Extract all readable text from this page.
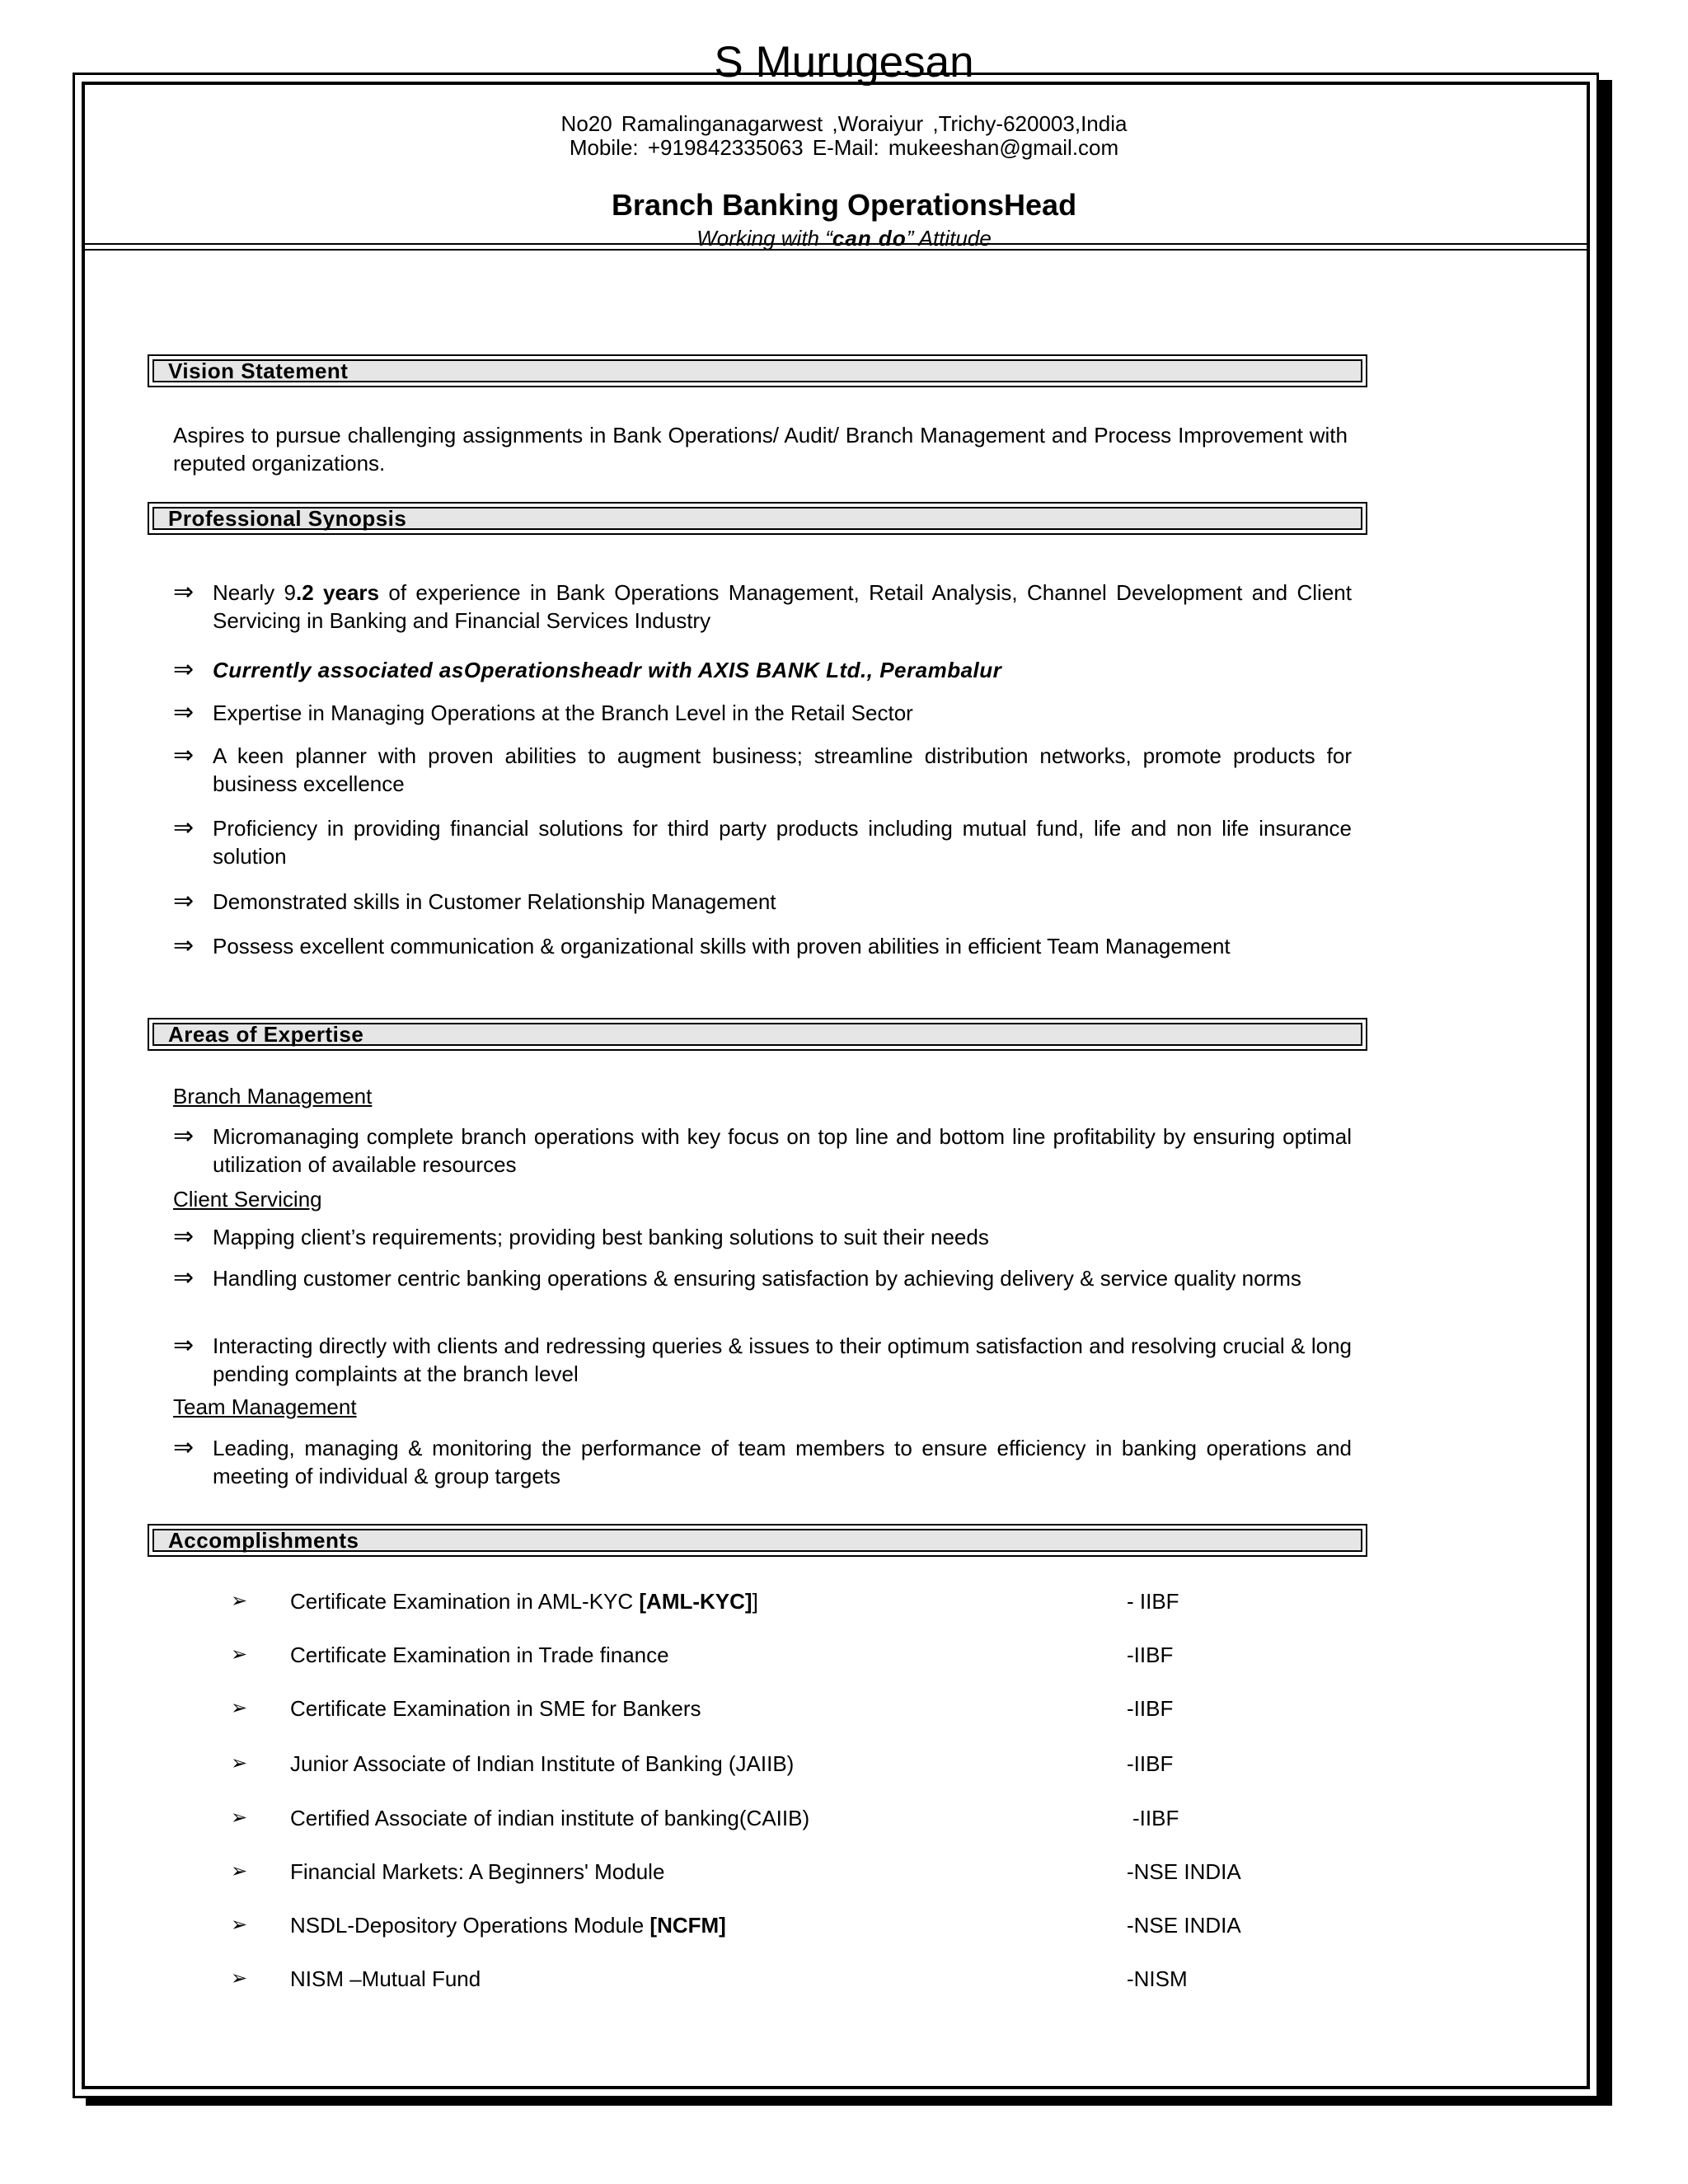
S Murugesan
No20 Ramalinganagarwest ,Woraiyur ,Trichy-620003,India
Mobile: +919842335063 E-Mail: mukeeshan@gmail.com
Branch Banking OperationsHead
Working with “can do” Attitude
Vision Statement
Aspires to pursue challenging assignments in Bank Operations/ Audit/ Branch Management and Process Improvement with reputed organizations.
Professional Synopsis
⇒ Nearly 9.2 years of experience in Bank Operations Management, Retail Analysis, Channel Development and Client Servicing in Banking and Financial Services Industry
⇒ Currently associated asOperationsheadr with AXIS BANK Ltd., Perambalur
⇒ Expertise in Managing Operations at the Branch Level in the Retail Sector
⇒ A keen planner with proven abilities to augment business; streamline distribution networks, promote products for business excellence
⇒ Proficiency in providing financial solutions for third party products including mutual fund, life and non life insurance solution
⇒ Demonstrated skills in Customer Relationship Management
⇒ Possess excellent communication & organizational skills with proven abilities in efficient Team Management
Areas of Expertise
Branch Management
⇒ Micromanaging complete branch operations with key focus on top line and bottom line profitability by ensuring optimal utilization of available resources
Client Servicing
⇒ Mapping client’s requirements; providing best banking solutions to suit their needs
⇒ Handling customer centric banking operations & ensuring satisfaction by achieving delivery & service quality norms
⇒ Interacting directly with clients and redressing queries & issues to their optimum satisfaction and resolving crucial & long pending complaints at the branch level
Team Management
⇒ Leading, managing & monitoring the performance of team members to ensure efficiency in banking operations and meeting of individual & group targets
Accomplishments
➢ Certificate Examination in AML-KYC [AML-KYC]]	- IIBF
➢ Certificate Examination in Trade finance	-IIBF
➢ Certificate Examination in SME for Bankers	-IIBF
➢ Junior Associate of Indian Institute of Banking (JAIIB)	-IIBF
➢ Certified Associate of indian institute of banking(CAIIB)	-IIBF
➢ Financial Markets: A Beginners' Module	-NSE INDIA
➢ NSDL-Depository Operations Module [NCFM]	-NSE INDIA
➢ NISM –Mutual Fund	-NISM
